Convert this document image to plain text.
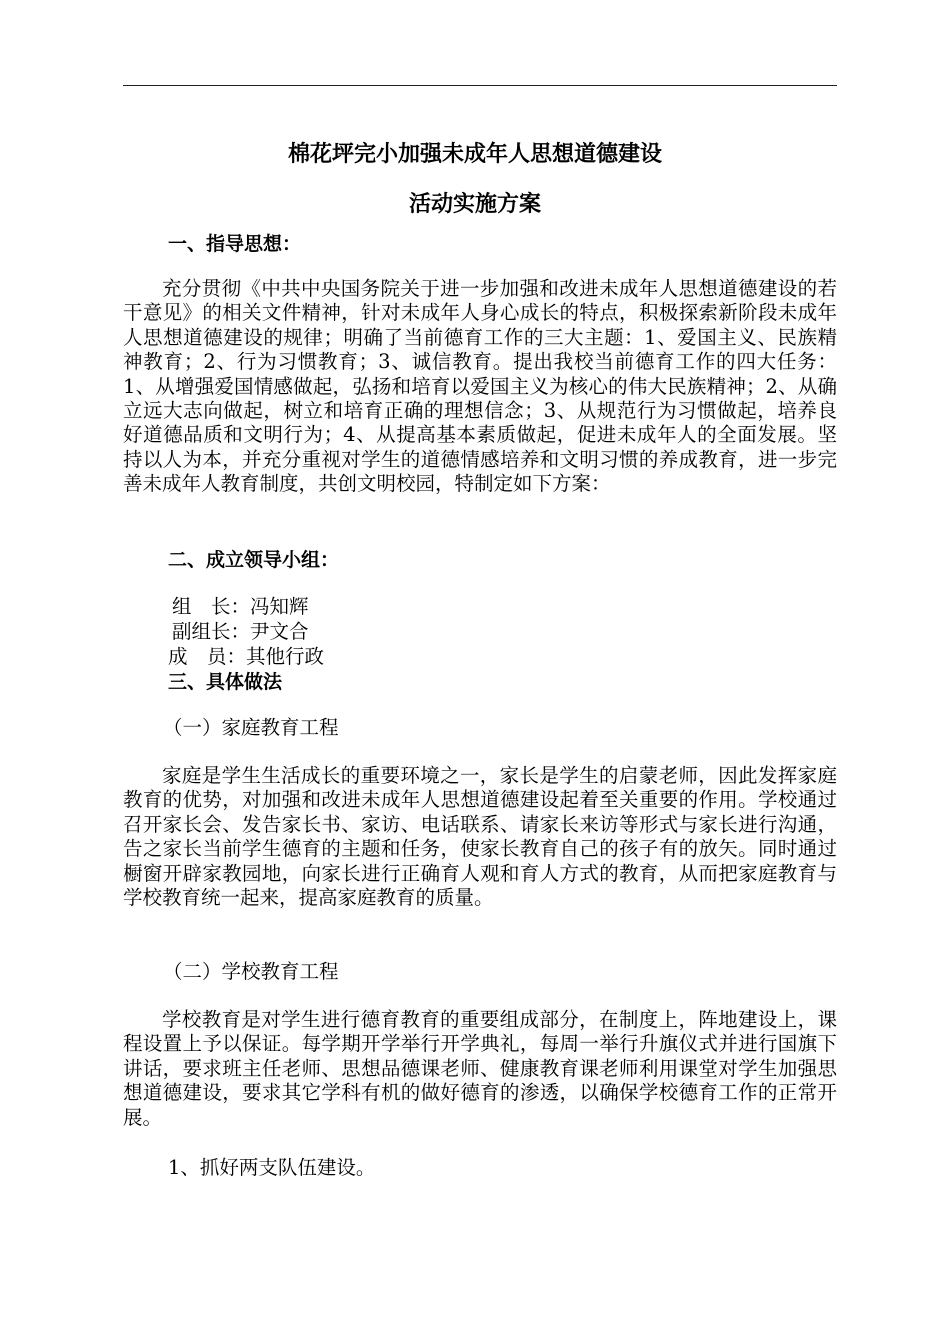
棉花坪完小加强未成年人思想道德建设
活动实施方案
一、指导思想：
充分贯彻《中共中央国务院关于进一步加强和改进未成年人思想道德建设的若干意见》的相关文件精神，针对未成年人身心成长的特点，积极探索新阶段未成年人思想道德建设的规律；明确了当前德育工作的三大主题：1、爱国主义、民族精神教育；2、行为习惯教育；3、诚信教育。提出我校当前德育工作的四大任务：1、从增强爱国情感做起，弘扬和培育以爱国主义为核心的伟大民族精神；2、从确立远大志向做起，树立和培育正确的理想信念；3、从规范行为习惯做起，培养良好道德品质和文明行为；4、从提高基本素质做起，促进未成年人的全面发展。坚持以人为本，并充分重视对学生的道德情感培养和文明习惯的养成教育，进一步完善未成年人教育制度，共创文明校园，特制定如下方案：
二、成立领导小组：
组　长：冯知辉
副组长：尹文合
成　员：其他行政
三、具体做法
（一）家庭教育工程
家庭是学生生活成长的重要环境之一，家长是学生的启蒙老师，因此发挥家庭教育的优势，对加强和改进未成年人思想道德建设起着至关重要的作用。学校通过召开家长会、发告家长书、家访、电话联系、请家长来访等形式与家长进行沟通，告之家长当前学生德育的主题和任务，使家长教育自己的孩子有的放矢。同时通过橱窗开辟家教园地，向家长进行正确育人观和育人方式的教育，从而把家庭教育与学校教育统一起来，提高家庭教育的质量。
（二）学校教育工程
学校教育是对学生进行德育教育的重要组成部分，在制度上，阵地建设上，课程设置上予以保证。每学期开学举行开学典礼，每周一举行升旗仪式并进行国旗下讲话，要求班主任老师、思想品德课老师、健康教育课老师利用课堂对学生加强思想道德建设，要求其它学科有机的做好德育的渗透，以确保学校德育工作的正常开展。
1、抓好两支队伍建设。
